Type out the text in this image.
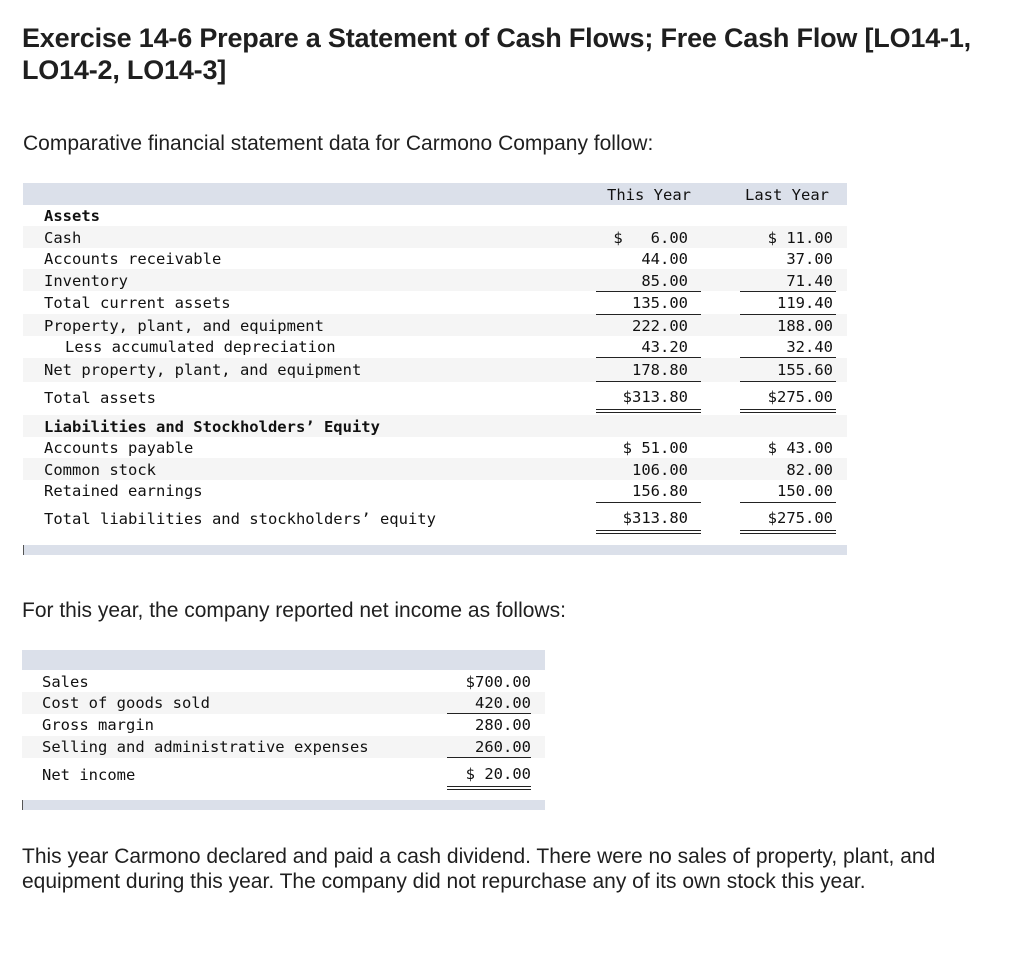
Exercise 14-6 Prepare a Statement of Cash Flows; Free Cash Flow [LO14-1, LO14-2, LO14-3]
Comparative financial statement data for Carmono Company follow:
This Year	Last Year
Assets
Cash	$   6.00	$ 11.00
Accounts receivable	44.00	37.00
Inventory	85.00	71.40
Total current assets	135.00	119.40
Property, plant, and equipment	222.00	188.00
Less accumulated depreciation	43.20	32.40
Net property, plant, and equipment	178.80	155.60
Total assets	$313.80	$275.00
Liabilities and Stockholders’ Equity
Accounts payable	$ 51.00	$ 43.00
Common stock	106.00	82.00
Retained earnings	156.80	150.00
Total liabilities and stockholders’ equity	$313.80	$275.00
For this year, the company reported net income as follows:
Sales	$700.00
Cost of goods sold	420.00
Gross margin	280.00
Selling and administrative expenses	260.00
Net income	$ 20.00
This year Carmono declared and paid a cash dividend. There were no sales of property, plant, and equipment during this year. The company did not repurchase any of its own stock this year.
